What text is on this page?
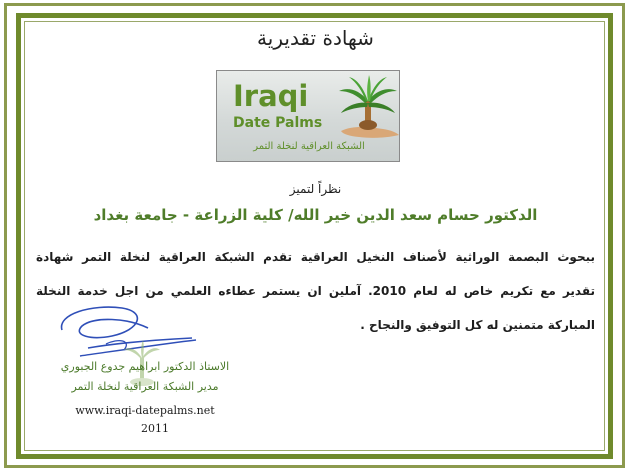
شهادة تقديرية
Iraqi
Date Palms
الشبكة العراقية لنخلة التمر
نظراً لتميز
الدكتور حسام سعد الدين خير الله/ كلية الزراعة - جامعة بغداد
ببحوث البصمة الوراثية لأصناف النخيل العراقية تقدم الشبكة العراقية لنخلة التمر شهادة
تقدير مع تكريم خاص له لعام 2010. آملين ان يستمر عطاءه العلمي من اجل خدمة النخلة
المباركة متمنين له كل التوفيق والنجاح .
الاستاذ الدكتور ابراهيم جدوع الجبوري
مدير الشبكة العراقية لنخلة التمر
www.iraqi-datepalms.net
2011
